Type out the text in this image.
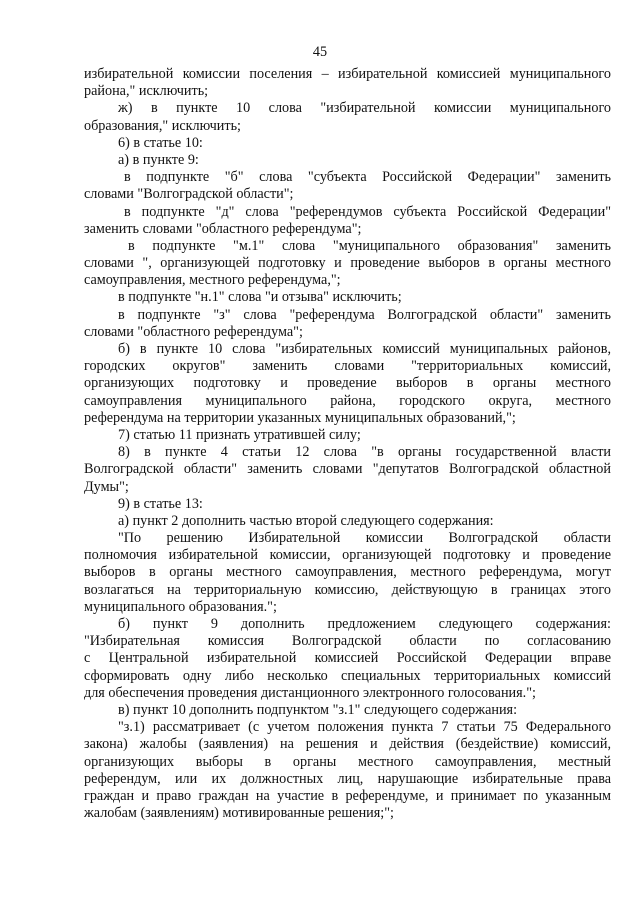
45
избирательной комиссии поселения – избирательной комиссией муниципального
района," исключить;
ж) в пункте 10 слова "избирательной комиссии муниципального
образования," исключить;
6) в статье 10:
а) в пункте 9:
в подпункте "б" слова "субъекта Российской Федерации" заменить
словами "Волгоградской области";
в подпункте "д" слова "референдумов субъекта Российской Федерации"
заменить словами "областного референдума";
в подпункте "м.1" слова "муниципального образования" заменить
словами ", организующей подготовку и проведение выборов в органы местного
самоуправления, местного референдума,";
в подпункте "н.1" слова "и отзыва" исключить;
в подпункте "з" слова "референдума Волгоградской области" заменить
словами "областного референдума";
б) в пункте 10 слова "избирательных комиссий муниципальных районов,
городских округов" заменить словами "территориальных комиссий,
организующих подготовку и проведение выборов в органы местного
самоуправления муниципального района, городского округа, местного
референдума на территории указанных муниципальных образований,";
7) статью 11 признать утратившей силу;
8) в пункте 4 статьи 12 слова "в органы государственной власти
Волгоградской области" заменить словами "депутатов Волгоградской областной
Думы";
9) в статье 13:
а) пункт 2 дополнить частью второй следующего содержания:
"По решению Избирательной комиссии Волгоградской области
полномочия избирательной комиссии, организующей подготовку и проведение
выборов в органы местного самоуправления, местного референдума, могут
возлагаться на территориальную комиссию, действующую в границах этого
муниципального образования.";
б) пункт 9 дополнить предложением следующего содержания:
"Избирательная комиссия Волгоградской области по согласованию
с Центральной избирательной комиссией Российской Федерации вправе
сформировать одну либо несколько специальных территориальных комиссий
для обеспечения проведения дистанционного электронного голосования.";
в) пункт 10 дополнить подпунктом "з.1" следующего содержания:
"з.1) рассматривает (с учетом положения пункта 7 статьи 75 Федерального
закона) жалобы (заявления) на решения и действия (бездействие) комиссий,
организующих выборы в органы местного самоуправления, местный
референдум, или их должностных лиц, нарушающие избирательные права
граждан и право граждан на участие в референдуме, и принимает по указанным
жалобам (заявлениям) мотивированные решения;";
